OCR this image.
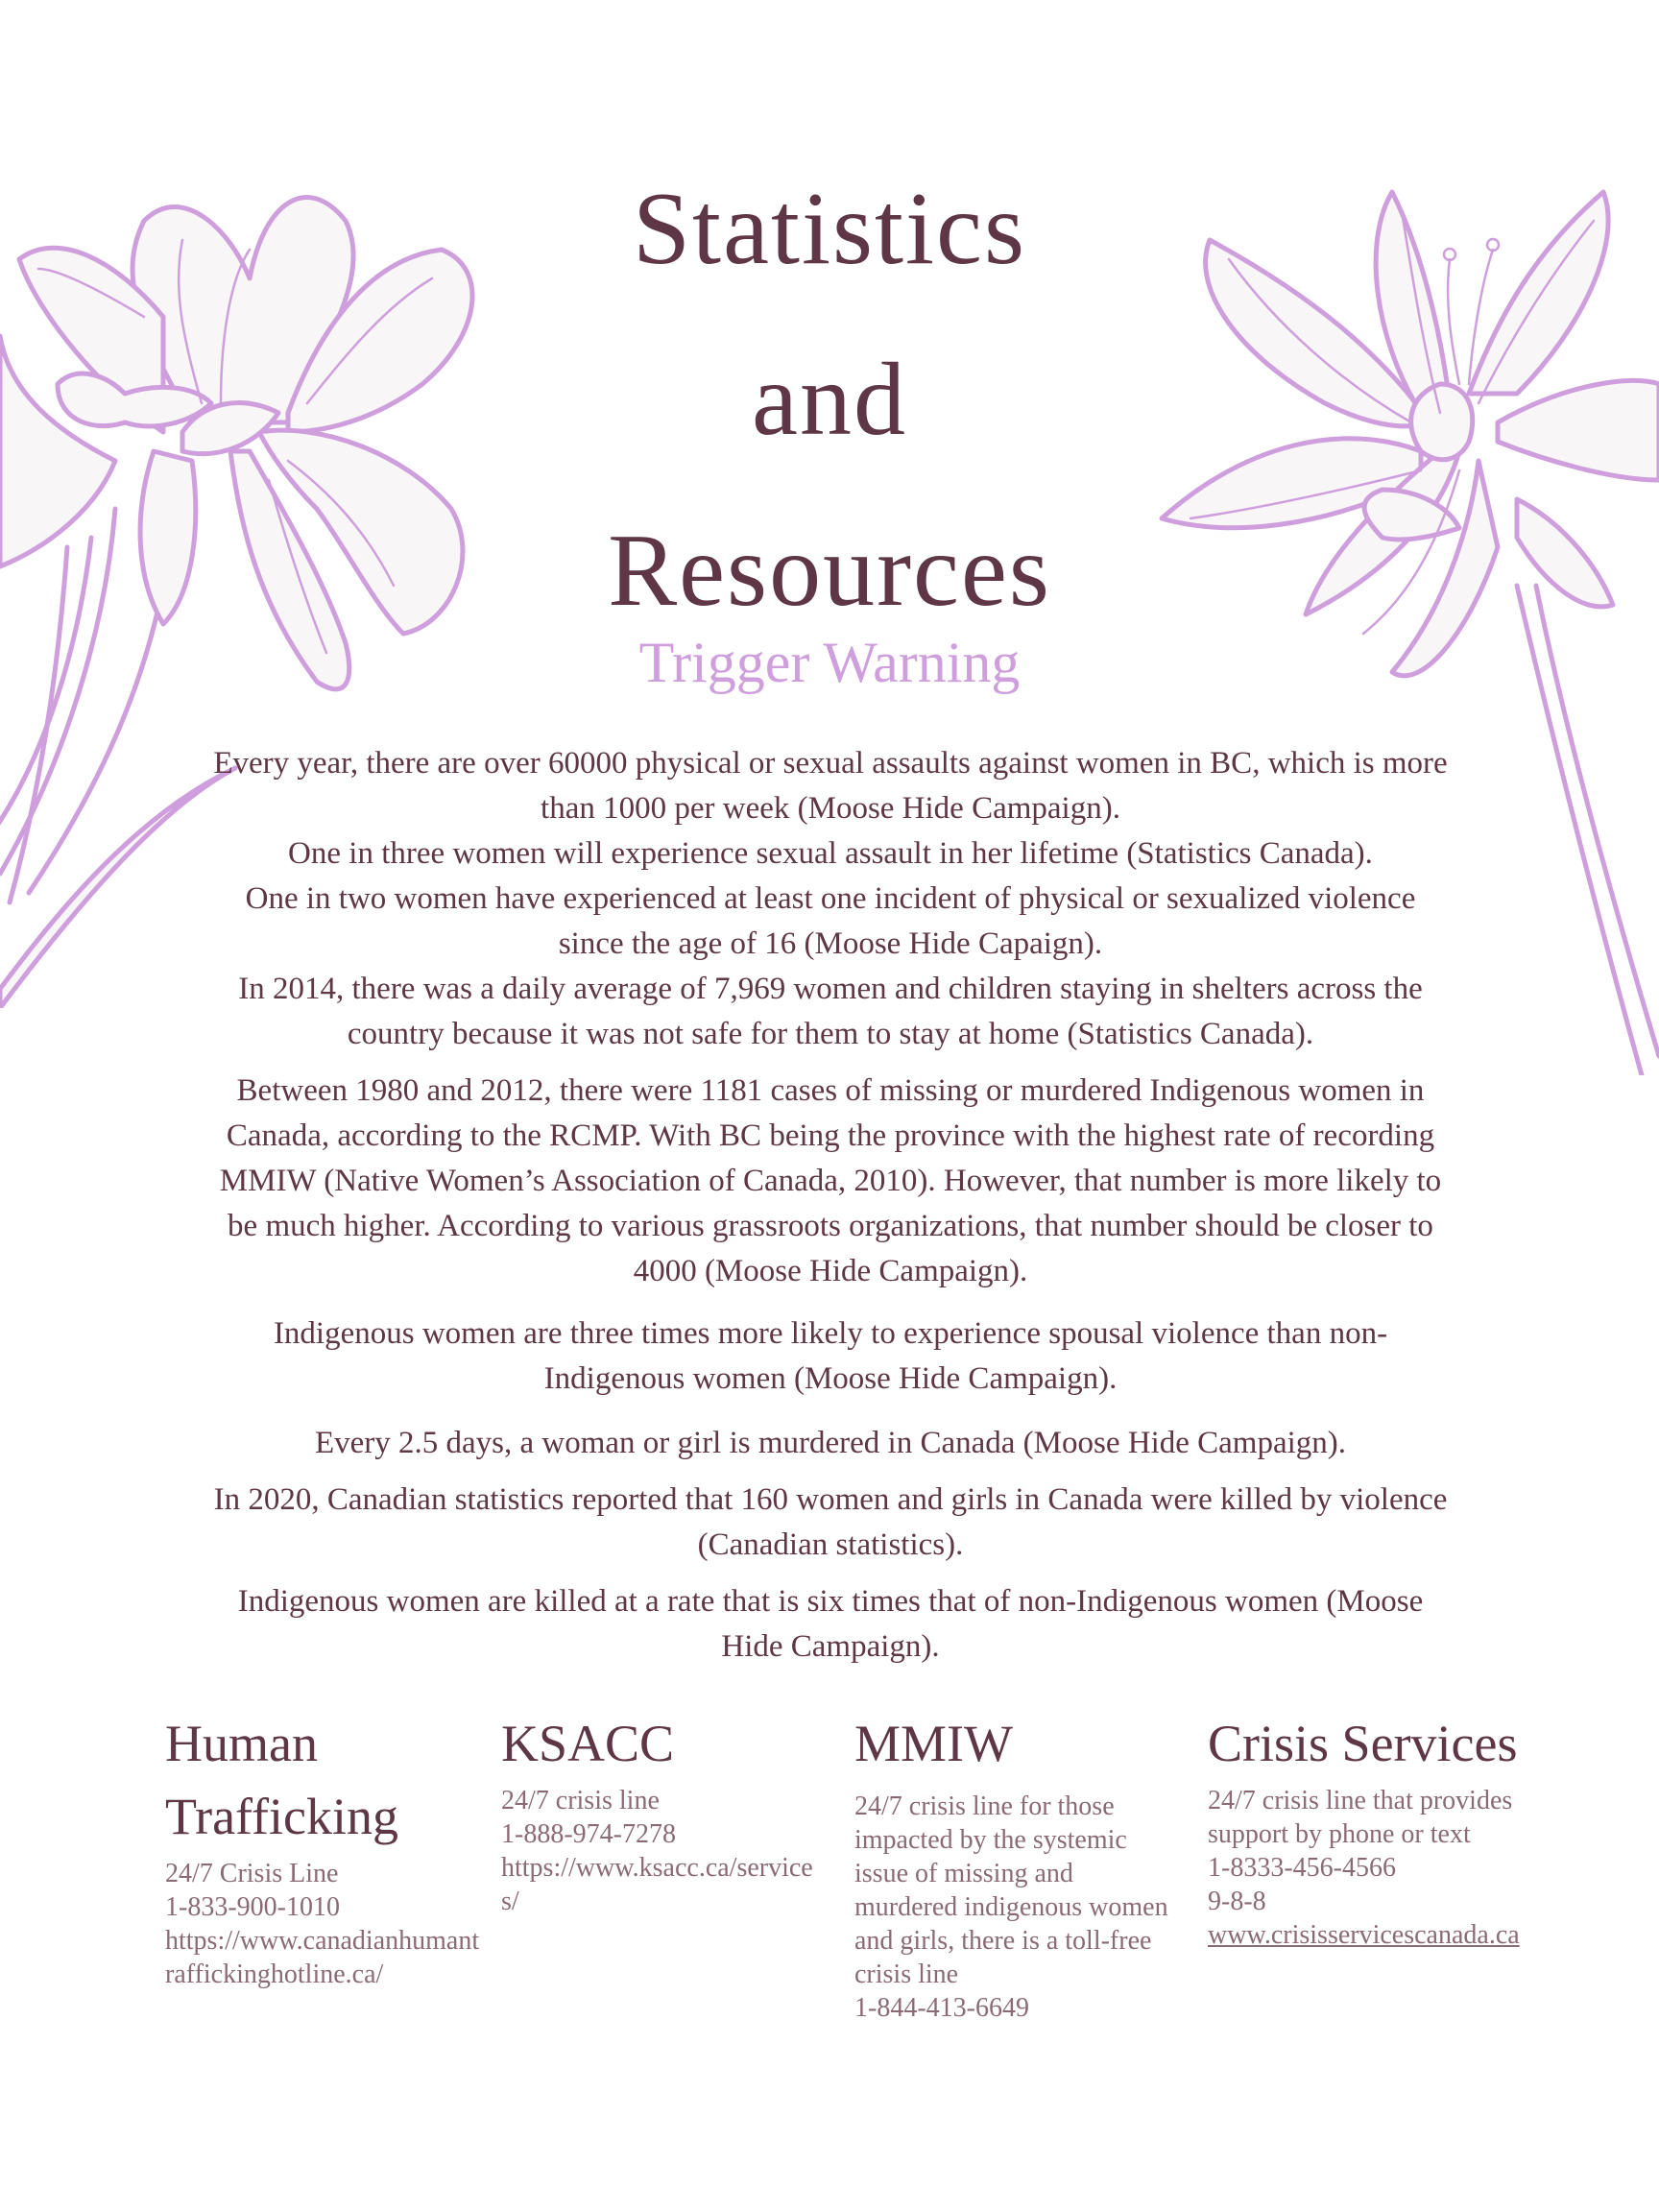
Statistics
and
Resources
Trigger Warning

Every year, there are over 60000 physical or sexual assaults against women in BC, which is more than 1000 per week (Moose Hide Campaign).

One in three women will experience sexual assault in her lifetime (Statistics Canada).

One in two women have experienced at least one incident of physical or sexualized violence since the age of 16 (Moose Hide Capaign).

In 2014, there was a daily average of 7,969 women and children staying in shelters across the country because it was not safe for them to stay at home (Statistics Canada).

Between 1980 and 2012, there were 1181 cases of missing or murdered Indigenous women in Canada, according to the RCMP. With BC being the province with the highest rate of recording MMIW (Native Women’s Association of Canada, 2010). However, that number is more likely to be much higher. According to various grassroots organizations, that number should be closer to 4000 (Moose Hide Campaign).

Indigenous women are three times more likely to experience spousal violence than non-Indigenous women (Moose Hide Campaign).

Every 2.5 days, a woman or girl is murdered in Canada (Moose Hide Campaign).

In 2020, Canadian statistics reported that 160 women and girls in Canada were killed by violence (Canadian statistics).

Indigenous women are killed at a rate that is six times that of non-Indigenous women (Moose Hide Campaign).

Human Trafficking
24/7 Crisis Line
1-833-900-1010
https://www.canadianhumantraffickinghotline.ca/
KSACC
24/7 crisis line
1-888-974-7278
https://www.ksacc.ca/services/
MMIW
24/7 crisis line for those impacted by the systemic issue of missing and murdered indigenous women and girls, there is a toll-free crisis line
1-844-413-6649
Crisis Services
24/7 crisis line that provides support by phone or text
1-8333-456-4566
9-8-8
www.crisisservicescanada.ca
